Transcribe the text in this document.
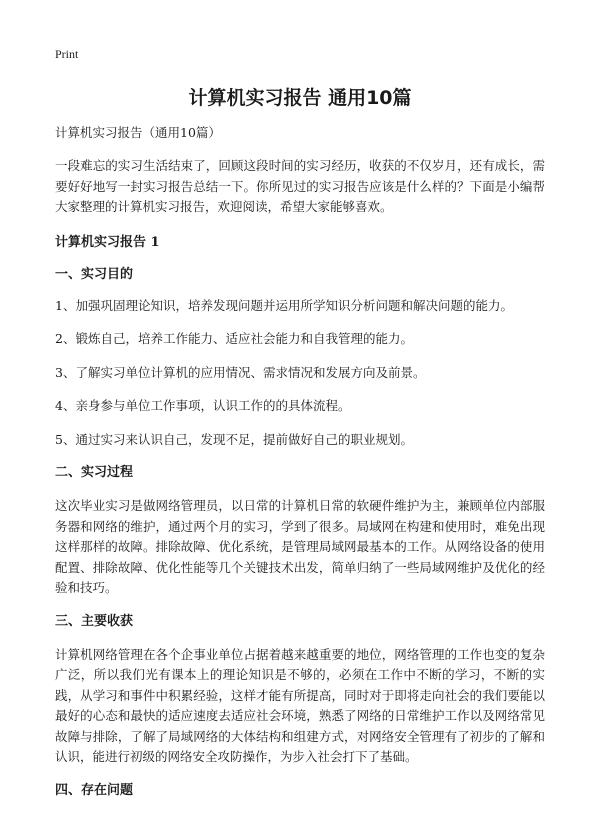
Print
计算机实习报告 通用10篇
计算机实习报告（通用10篇）

一段难忘的实习生活结束了，回顾这段时间的实习经历，收获的不仅岁月，还有成长，需要好好地写一封实习报告总结一下。你所见过的实习报告应该是什么样的？下面是小编帮大家整理的计算机实习报告，欢迎阅读，希望大家能够喜欢。

计算机实习报告 1
一、实习目的
1、加强巩固理论知识，培养发现问题并运用所学知识分析问题和解决问题的能力。
2、锻炼自己，培养工作能力、适应社会能力和自我管理的能力。
3、了解实习单位计算机的应用情况、需求情况和发展方向及前景。
4、亲身参与单位工作事项，认识工作的的具体流程。
5、通过实习来认识自己，发现不足，提前做好自己的职业规划。
二、实习过程

这次毕业实习是做网络管理员，以日常的计算机日常的软硬件维护为主，兼顾单位内部服务器和网络的维护，通过两个月的实习，学到了很多。局域网在构建和使用时，难免出现这样那样的故障。排除故障、优化系统，是管理局域网最基本的工作。从网络设备的使用配置、排除故障、优化性能等几个关键技术出发，简单归纳了一些局域网维护及优化的经验和技巧。

三、主要收获

计算机网络管理在各个企事业单位占据着越来越重要的地位，网络管理的工作也变的复杂广泛，所以我们光有课本上的理论知识是不够的，必须在工作中不断的学习，不断的实践，从学习和事件中积累经验，这样才能有所提高，同时对于即将走向社会的我们要能以最好的心态和最快的适应速度去适应社会环境，熟悉了网络的日常维护工作以及网络常见故障与排除，了解了局域网络的大体结构和组建方式，对网络安全管理有了初步的了解和认识，能进行初级的网络安全攻防操作，为步入社会打下了基础。

四、存在问题
